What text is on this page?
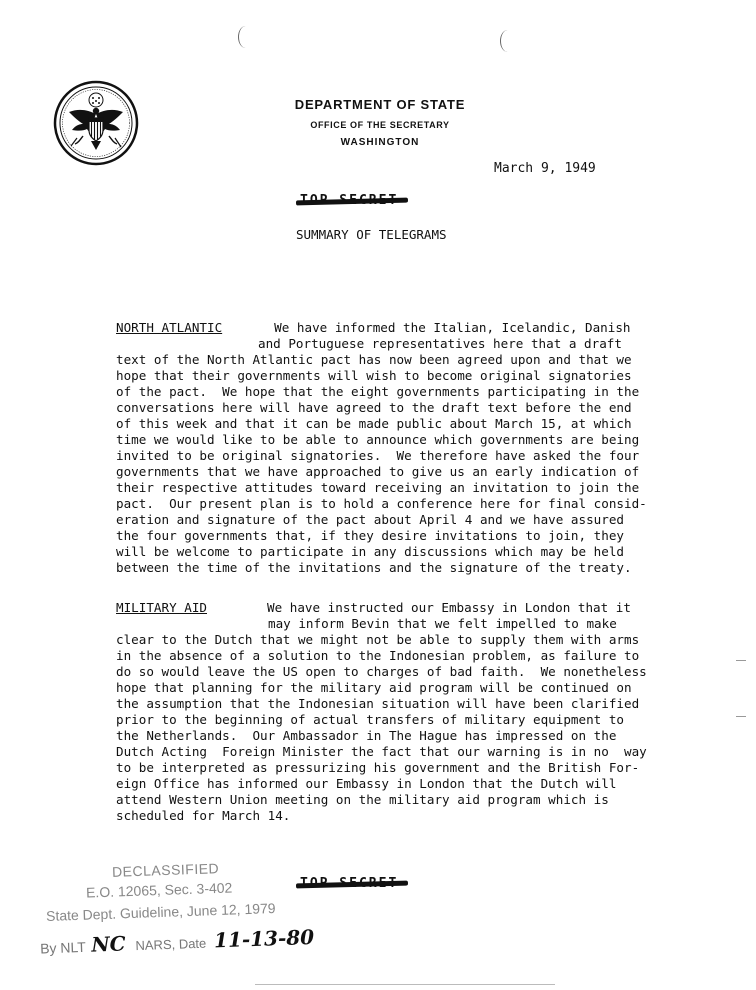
DEPARTMENT OF STATE
OFFICE OF THE SECRETARY
WASHINGTON
March 9, 1949
SUMMARY OF TELEGRAMS
NORTH ATLANTIC	We have informed the Italian, Icelandic, Danish
and Portuguese representatives here that a draft
text of the North Atlantic pact has now been agreed upon and that we
hope that their governments will wish to become original signatories
of the pact.  We hope that the eight governments participating in the
conversations here will have agreed to the draft text before the end
of this week and that it can be made public about March 15, at which
time we would like to be able to announce which governments are being
invited to be original signatories.  We therefore have asked the four
governments that we have approached to give us an early indication of
their respective attitudes toward receiving an invitation to join the
pact.  Our present plan is to hold a conference here for final consid-
eration and signature of the pact about April 4 and we have assured
the four governments that, if they desire invitations to join, they
will be welcome to participate in any discussions which may be held
between the time of the invitations and the signature of the treaty.
MILITARY AID	We have instructed our Embassy in London that it
may inform Bevin that we felt impelled to make
clear to the Dutch that we might not be able to supply them with arms
in the absence of a solution to the Indonesian problem, as failure to
do so would leave the US open to charges of bad faith.  We nonetheless
hope that planning for the military aid program will be continued on
the assumption that the Indonesian situation will have been clarified
prior to the beginning of actual transfers of military equipment to
the Netherlands.  Our Ambassador in The Hague has impressed on the
Dutch Acting  Foreign Minister the fact that our warning is in no  way
to be interpreted as pressurizing his government and the British For-
eign Office has informed our Embassy in London that the Dutch will
attend Western Union meeting on the military aid program which is
scheduled for March 14.
DECLASSIFIED
E.O. 12065, Sec. 3-402
State Dept. Guideline, June 12, 1979
By NLT NC NARS, Date 11-13-80
